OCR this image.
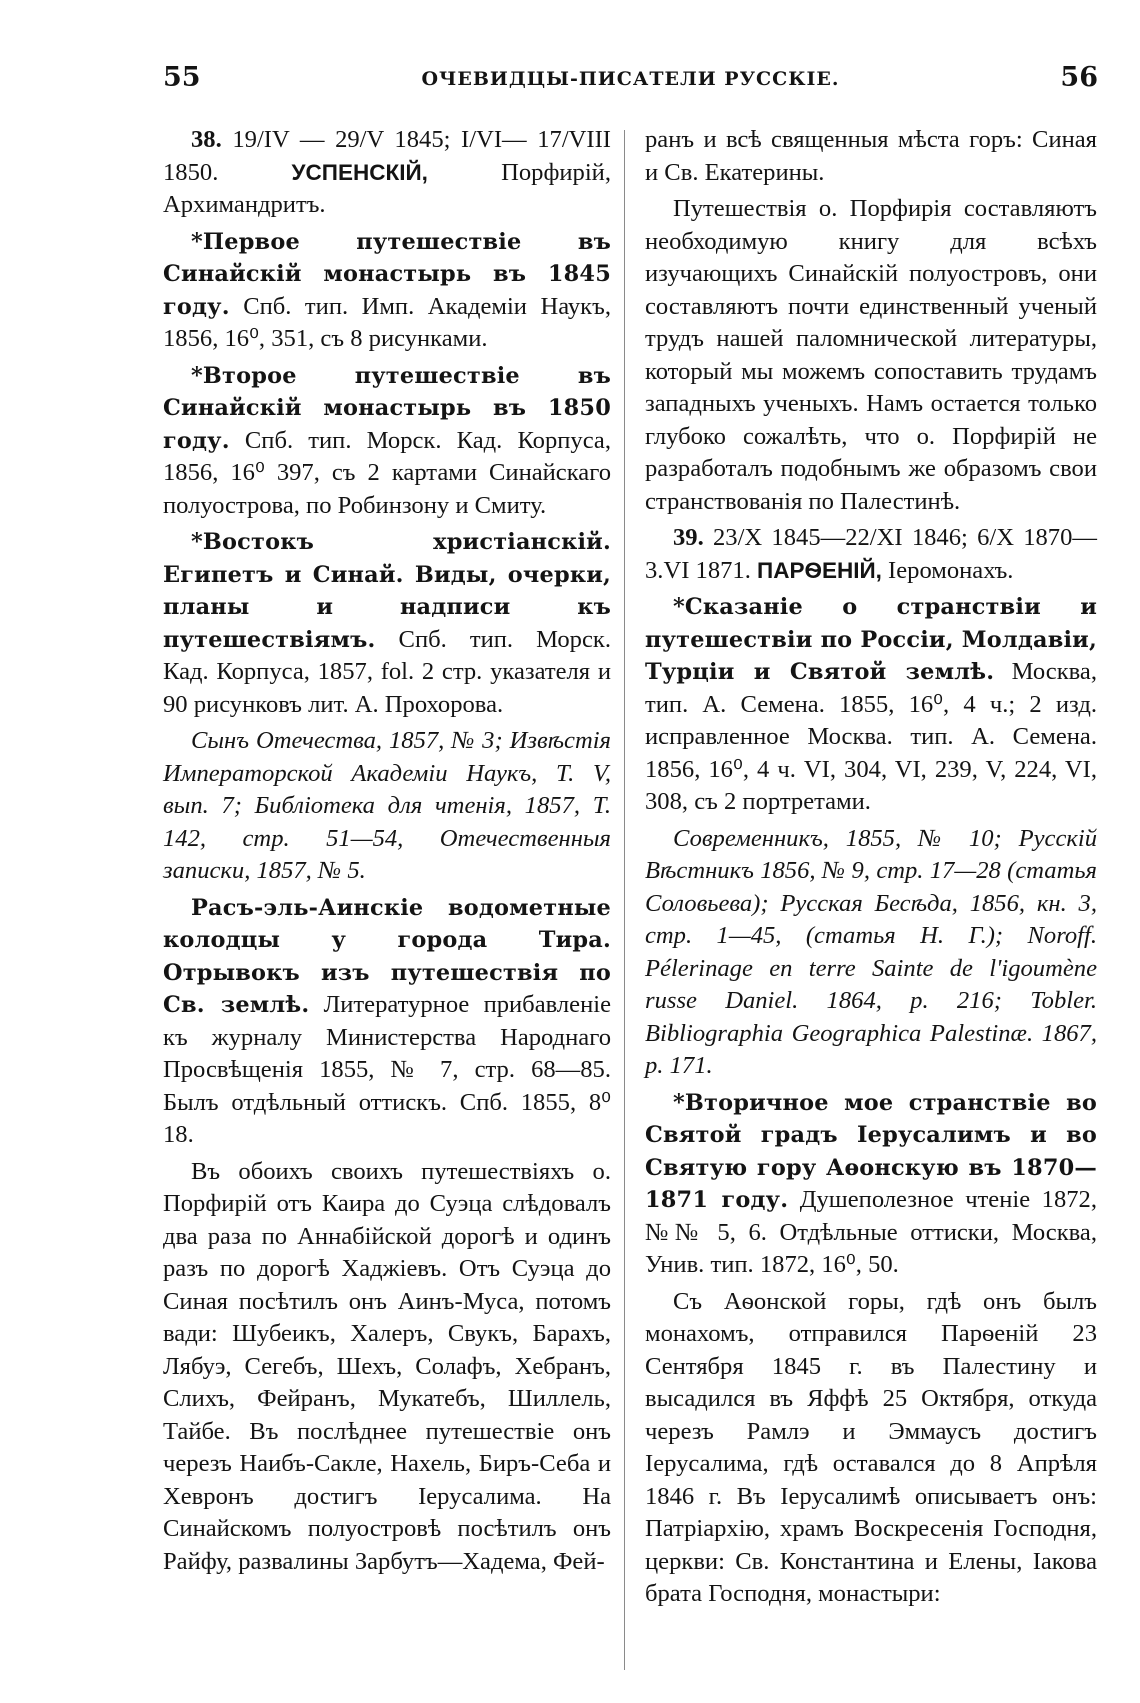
55	ОЧЕВИДЦЫ-ПИСАТЕЛИ РУССКІЕ.	56

38. 19/IV — 29/V 1845; I/VI— 17/VIII 1850. УСПЕНСКІЙ, Порфирій, Архимандритъ.

*Первое путешествіе въ Синайскій монастырь въ 1845 году. Спб. тип. Имп. Академіи Наукъ, 1856, 16⁰, 351, съ 8 рисунками.

*Второе путешествіе въ Синайскій монастырь въ 1850 году. Спб. тип. Морск. Кад. Корпуса, 1856, 16⁰ 397, съ 2 картами Синайскаго полуострова, по Робинзону и Смиту.

*Востокъ христіанскій. Египетъ и Синай. Виды, очерки, планы и надписи къ путешествіямъ. Спб. тип. Морск. Кад. Корпуса, 1857, fol. 2 стр. указателя и 90 рисунковъ лит. А. Прохорова.

Сынъ Отечества, 1857, № 3; Извѣстія Императорской Академіи Наукъ, Т. V, вып. 7; Библіотека для чтенія, 1857, Т. 142, стр. 51—54, Отечественныя записки, 1857, № 5.

Расъ-эль-Аинскіе водометные колодцы у города Тира. Отрывокъ изъ путешествія по Св. землѣ. Литературное прибавленіе къ журналу Министерства Народнаго Просвѣщенія 1855, № 7, стр. 68—85. Былъ отдѣльный оттискъ. Спб. 1855, 8⁰ 18.

Въ обоихъ своихъ путешествіяхъ о. Порфирій отъ Каира до Суэца слѣдовалъ два раза по Аннабійской дорогѣ и одинъ разъ по дорогѣ Хаджіевъ. Отъ Суэца до Синая посѣтилъ онъ Аинъ-Муса, потомъ вади: Шубеикъ, Халеръ, Свукъ, Барахъ, Лябуэ, Сегебъ, Шехъ, Солафъ, Хебранъ, Слихъ, Фейранъ, Мукатебъ, Шиллель, Тайбе. Въ послѣднее путешествіе онъ черезъ Наибъ-Сакле, Нахель, Биръ-Себа и Хевронъ достигъ Іерусалима. На Синайскомъ полуостровѣ посѣтилъ онъ Райфу, развалины Зарбутъ—Хадема, Фей-

ранъ и всѣ священныя мѣста горъ: Синая и Св. Екатерины.

Путешествія о. Порфирія составляютъ необходимую книгу для всѣхъ изучающихъ Синайскій полуостровъ, они составляютъ почти единственный ученый трудъ нашей паломнической литературы, который мы можемъ сопоставить трудамъ западныхъ ученыхъ. Намъ остается только глубоко сожалѣть, что о. Порфирій не разработалъ подобнымъ же образомъ свои странствованія по Палестинѣ.

39. 23/X 1845—22/XI 1846; 6/X 1870—3.VI 1871. ПАРѲЕНІЙ, Іеромонахъ.

*Сказаніе о странствіи и путешествіи по Россіи, Молдавіи, Турціи и Святой землѣ. Москва, тип. А. Семена. 1855, 16⁰, 4 ч.; 2 изд. исправленное Москва. тип. А. Семена. 1856, 16⁰, 4 ч. VI, 304, VI, 239, V, 224, VI, 308, съ 2 портретами.

Современникъ, 1855, № 10; Русскій Вѣстникъ 1856, № 9, стр. 17—28 (статья Соловьева); Русская Бесѣда, 1856, кн. 3, стр. 1—45, (статья Н. Г.); Noroff. Pélerinage en terre Sainte de l'igoumène russe Daniel. 1864, p. 216; Tobler. Bibliographia Geographica Palestinæ. 1867, p. 171.

*Вторичное мое странствіе во Святой градъ Іерусалимъ и во Святую гору Аѳонскую въ 1870—1871 году. Душеполезное чтеніе 1872, №№ 5, 6. Отдѣльные оттиски, Москва, Унив. тип. 1872, 16⁰, 50.

Съ Аѳонской горы, гдѣ онъ былъ монахомъ, отправился Парѳеній 23 Сентября 1845 г. въ Палестину и высадился въ Яффѣ 25 Октября, откуда черезъ Рамлэ и Эммаусъ достигъ Іерусалима, гдѣ оставался до 8 Апрѣля 1846 г. Въ Іерусалимѣ описываетъ онъ: Патріархію, храмъ Воскресенія Господня, церкви: Св. Константина и Елены, Іакова брата Господня, монастыри:
